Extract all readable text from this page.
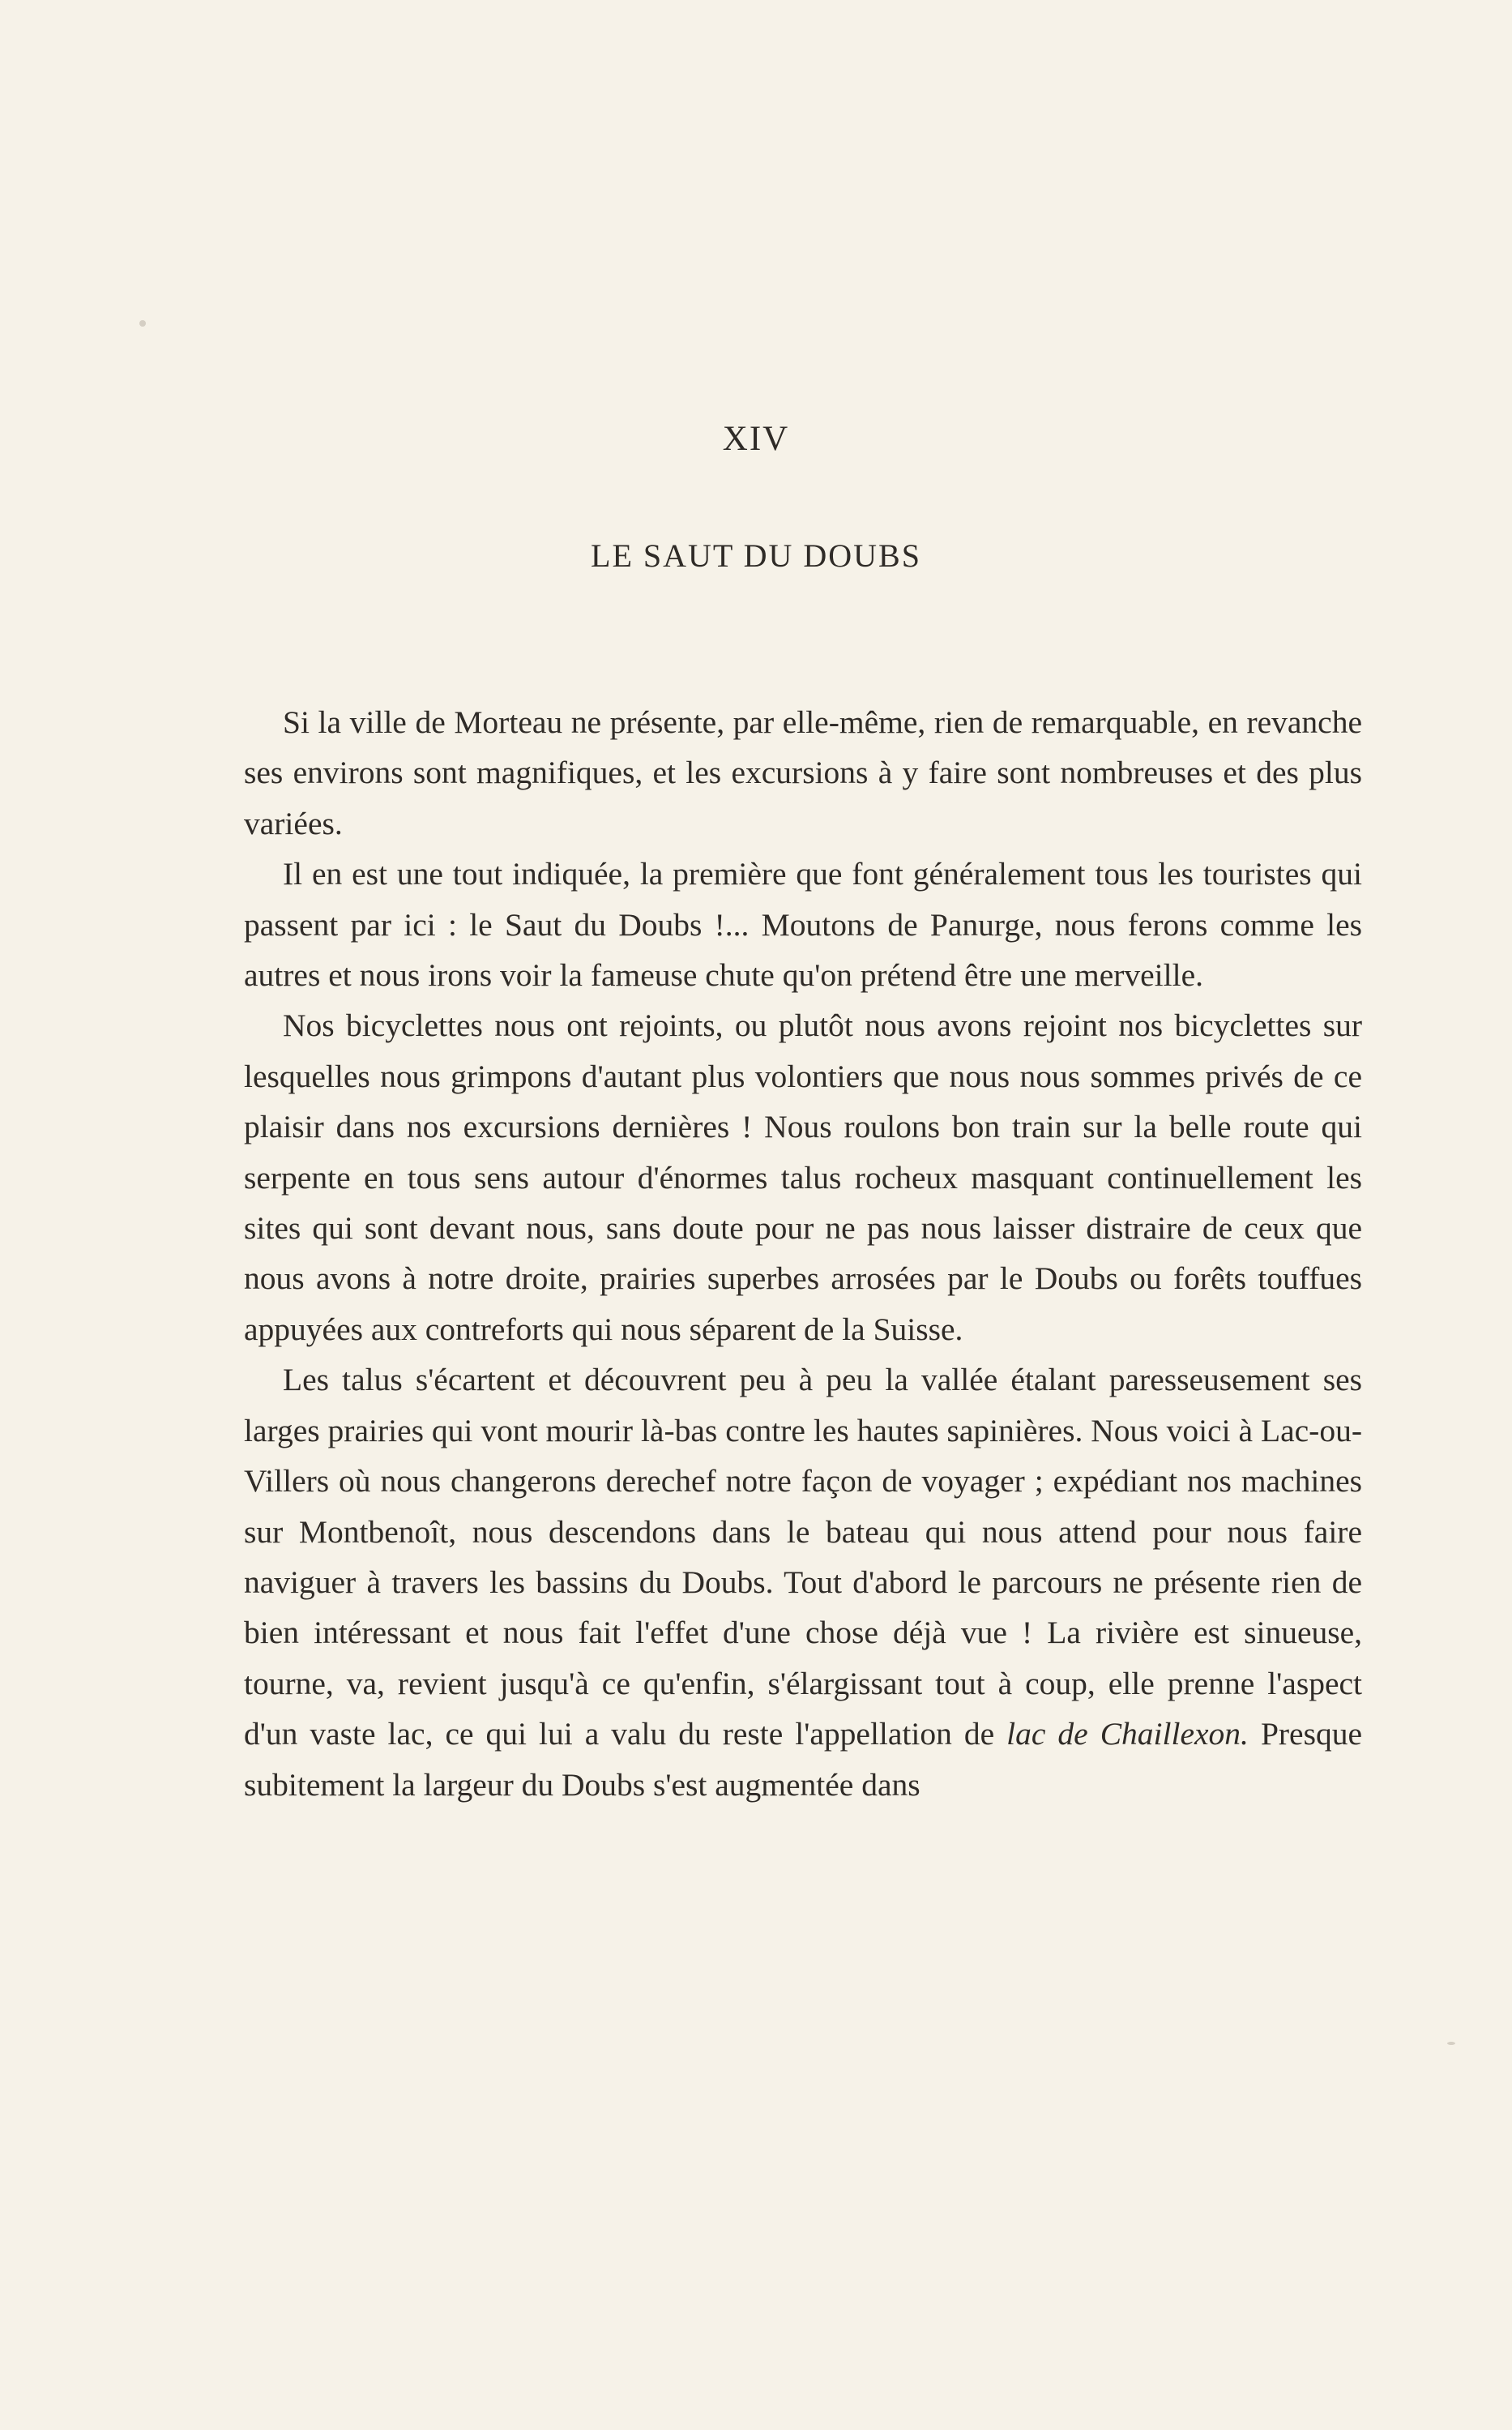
XIV
LE SAUT DU DOUBS

Si la ville de Morteau ne présente, par elle-même, rien de remarquable, en revanche ses environs sont magnifiques, et les excursions à y faire sont nombreuses et des plus variées.

Il en est une tout indiquée, la première que font généralement tous les touristes qui passent par ici : le Saut du Doubs !... Moutons de Panurge, nous ferons comme les autres et nous irons voir la fameuse chute qu'on prétend être une merveille.

Nos bicyclettes nous ont rejoints, ou plutôt nous avons rejoint nos bicyclettes sur lesquelles nous grimpons d'autant plus volontiers que nous nous sommes privés de ce plaisir dans nos excursions dernières ! Nous roulons bon train sur la belle route qui serpente en tous sens autour d'énormes talus rocheux masquant continuellement les sites qui sont devant nous, sans doute pour ne pas nous laisser distraire de ceux que nous avons à notre droite, prairies superbes arrosées par le Doubs ou forêts touffues appuyées aux contreforts qui nous séparent de la Suisse.

Les talus s'écartent et découvrent peu à peu la vallée étalant paresseusement ses larges prairies qui vont mourir là-bas contre les hautes sapinières. Nous voici à Lac-ou-Villers où nous changerons derechef notre façon de voyager ; expédiant nos machines sur Montbenoît, nous descendons dans le bateau qui nous attend pour nous faire naviguer à travers les bassins du Doubs. Tout d'abord le parcours ne présente rien de bien intéressant et nous fait l'effet d'une chose déjà vue ! La rivière est sinueuse, tourne, va, revient jusqu'à ce qu'enfin, s'élargissant tout à coup, elle prenne l'aspect d'un vaste lac, ce qui lui a valu du reste l'appellation de lac de Chaillexon. Presque subitement la largeur du Doubs s'est augmentée dans
